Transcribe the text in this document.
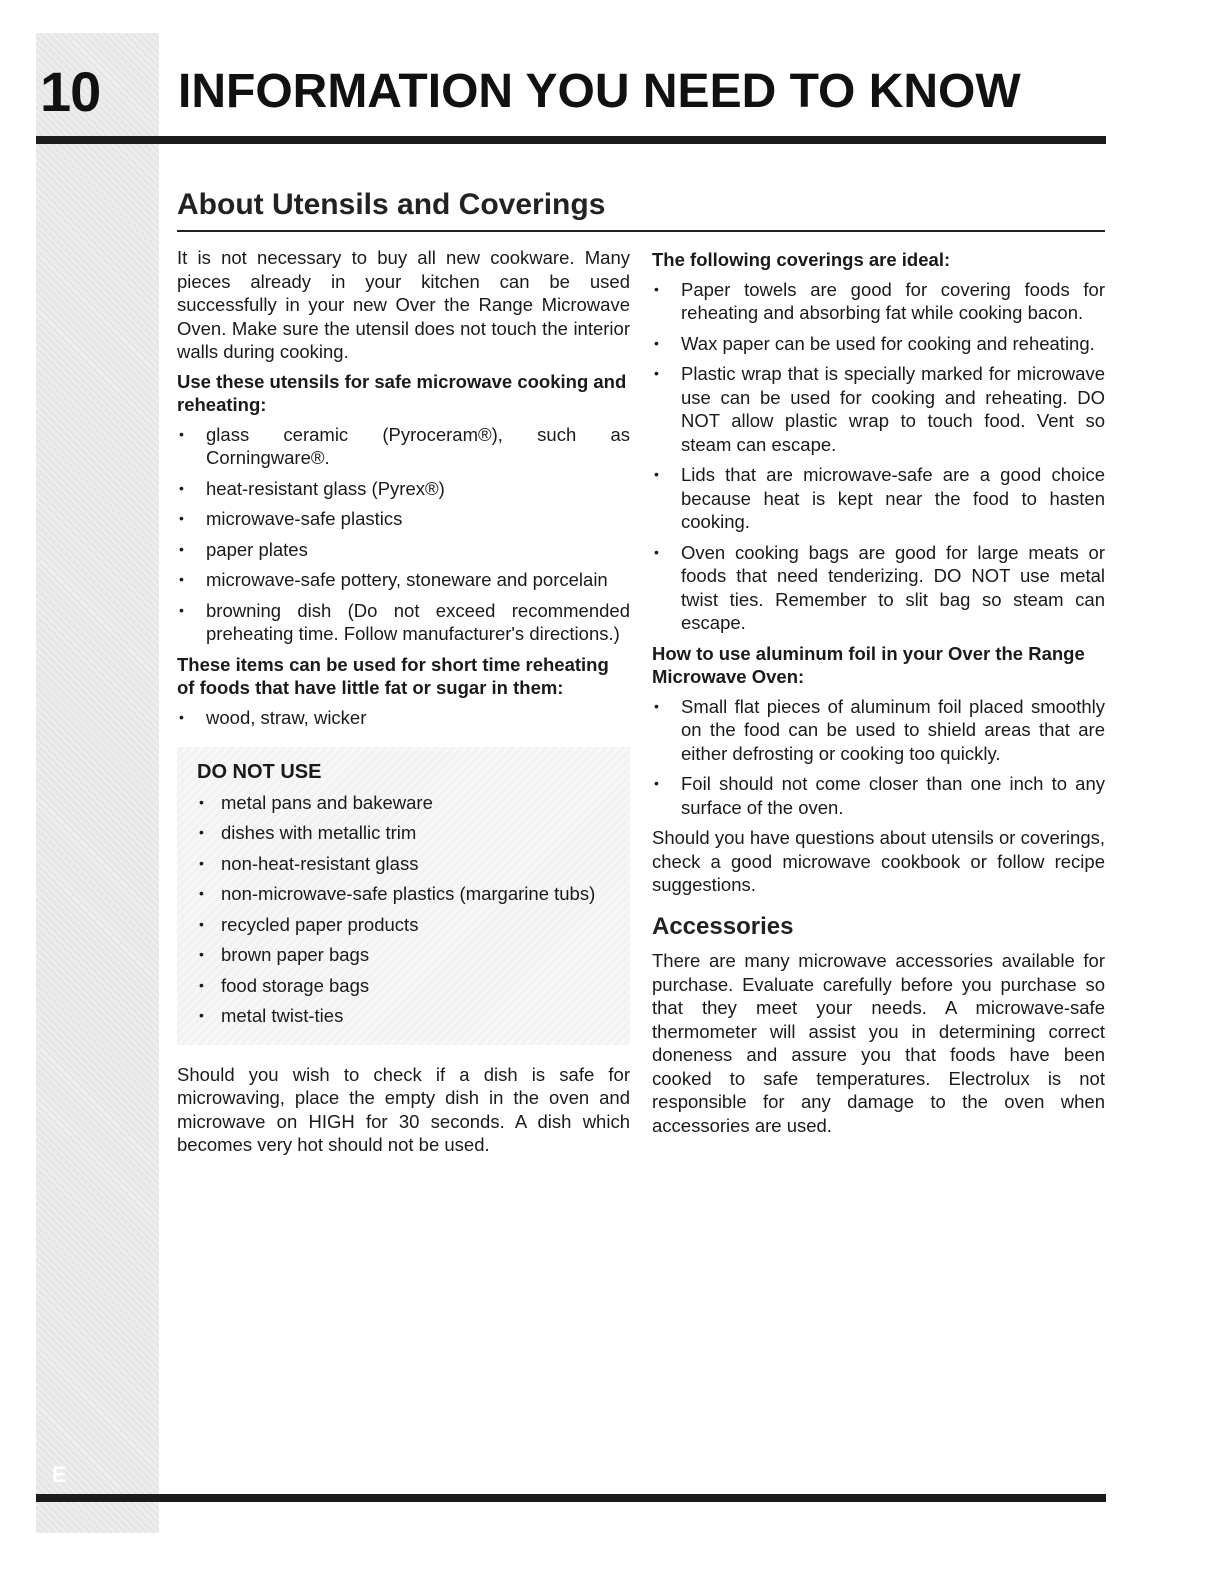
10 INFORMATION YOU NEED TO KNOW
About Utensils and Coverings

It is not necessary to buy all new cookware. Many pieces already in your kitchen can be used successfully in your new Over the Range Microwave Oven. Make sure the utensil does not touch the interior walls during cooking.

Use these utensils for safe microwave cooking and reheating:
• glass ceramic (Pyroceram®), such as Corningware®.
• heat-resistant glass (Pyrex®)
• microwave-safe plastics
• paper plates
• microwave-safe pottery, stoneware and porcelain
• browning dish (Do not exceed recommended preheating time. Follow manufacturer's directions.)
These items can be used for short time reheating of foods that have little fat or sugar in them:
• wood, straw, wicker
DO NOT USE
• metal pans and bakeware
• dishes with metallic trim
• non-heat-resistant glass
• non-microwave-safe plastics (margarine tubs)
• recycled paper products
• brown paper bags
• food storage bags
• metal twist-ties

Should you wish to check if a dish is safe for microwaving, place the empty dish in the oven and microwave on HIGH for 30 seconds. A dish which becomes very hot should not be used.

The following coverings are ideal:
• Paper towels are good for covering foods for reheating and absorbing fat while cooking bacon.
• Wax paper can be used for cooking and reheating.
• Plastic wrap that is specially marked for microwave use can be used for cooking and reheating. DO NOT allow plastic wrap to touch food. Vent so steam can escape.
• Lids that are microwave-safe are a good choice because heat is kept near the food to hasten cooking.
• Oven cooking bags are good for large meats or foods that need tenderizing. DO NOT use metal twist ties. Remember to slit bag so steam can escape.
How to use aluminum foil in your Over the Range Microwave Oven:
• Small flat pieces of aluminum foil placed smoothly on the food can be used to shield areas that are either defrosting or cooking too quickly.
• Foil should not come closer than one inch to any surface of the oven.

Should you have questions about utensils or coverings, check a good microwave cookbook or follow recipe suggestions.

Accessories

There are many microwave accessories available for purchase. Evaluate carefully before you purchase so that they meet your needs. A microwave-safe thermometer will assist you in determining correct doneness and assure you that foods have been cooked to safe temperatures. Electrolux is not responsible for any damage to the oven when accessories are used.

E
